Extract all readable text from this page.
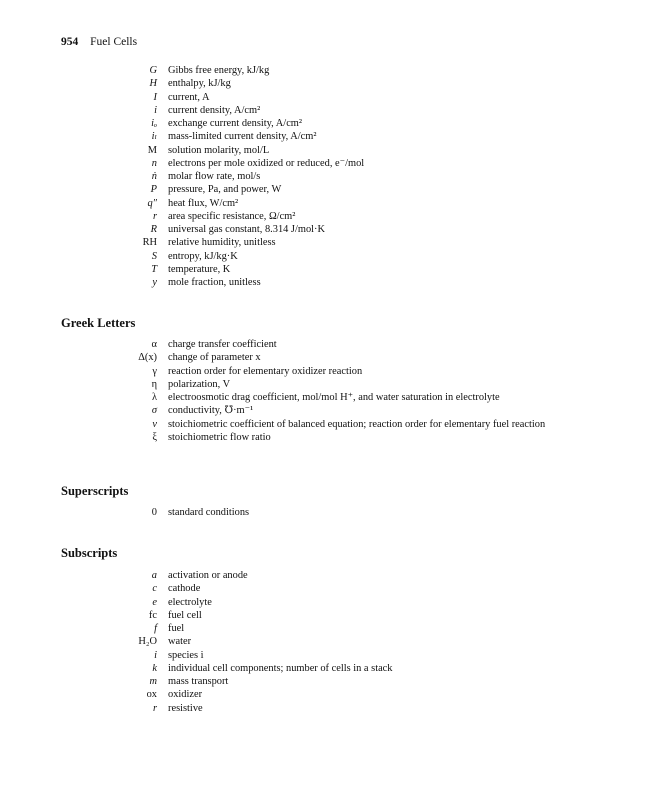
954 Fuel Cells
G	Gibbs free energy, kJ/kg
H	enthalpy, kJ/kg
I	current, A
i	current density, A/cm²
iₒ	exchange current density, A/cm²
iₗ	mass-limited current density, A/cm²
M	solution molarity, mol/L
n	electrons per mole oxidized or reduced, e⁻/mol
ṅ	molar flow rate, mol/s
P	pressure, Pa, and power, W
q″	heat flux, W/cm²
r	area specific resistance, Ω/cm²
R	universal gas constant, 8.314 J/mol·K
RH	relative humidity, unitless
S	entropy, kJ/kg·K
T	temperature, K
y	mole fraction, unitless
Greek Letters
α	charge transfer coefficient
Δ(x)	change of parameter x
γ	reaction order for elementary oxidizer reaction
η	polarization, V
λ	electroosmotic drag coefficient, mol/mol H⁺, and water saturation in electrolyte
σ	conductivity, ℧·m⁻¹
ν	stoichiometric coefficient of balanced equation; reaction order for elementary fuel reaction
ξ	stoichiometric flow ratio
Superscripts
0	standard conditions
Subscripts
a	activation or anode
c	cathode
e	electrolyte
fc	fuel cell
f	fuel
H₂O	water
i	species i
k	individual cell components; number of cells in a stack
m	mass transport
ox	oxidizer
r	resistive
